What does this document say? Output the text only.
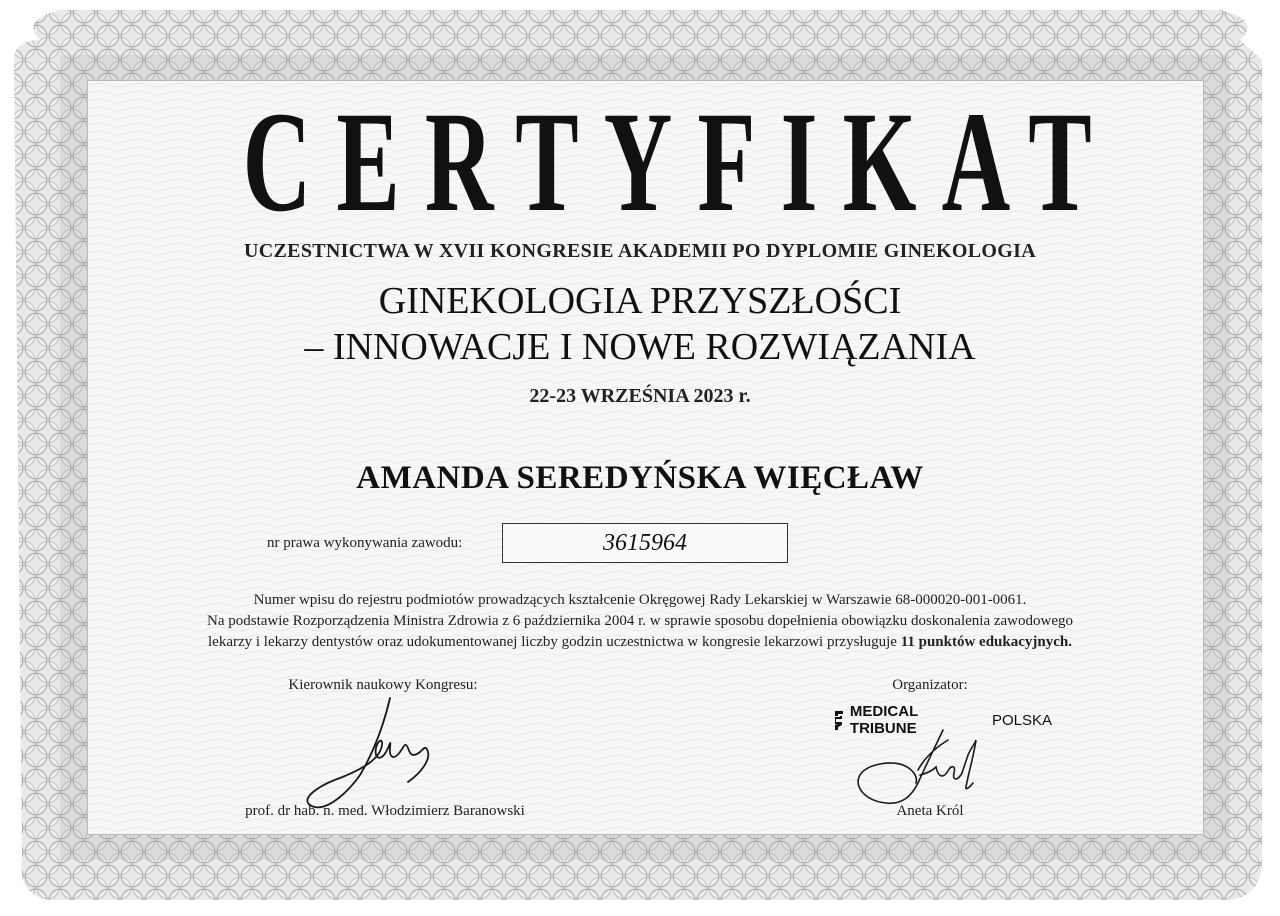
CERTYFIKAT
UCZESTNICTWA W XVII KONGRESIE AKADEMII PO DYPLOMIE GINEKOLOGIA
GINEKOLOGIA PRZYSZŁOŚCI
– INNOWACJE I NOWE ROZWIĄZANIA
22-23 WRZEŚNIA 2023 r.
AMANDA SEREDYŃSKA WIĘCŁAW
nr prawa wykonywania zawodu:	3615964
Numer wpisu do rejestru podmiotów prowadzących kształcenie Okręgowej Rady Lekarskiej w Warszawie 68-000020-001-0061.
Na podstawie Rozporządzenia Ministra Zdrowia z 6 października 2004 r. w sprawie sposobu dopełnienia obowiązku doskonalenia zawodowego
lekarzy i lekarzy dentystów oraz udokumentowanej liczby godzin uczestnictwa w kongresie lekarzowi przysługuje 11 punktów edukacyjnych.
Kierownik naukowy Kongresu:	Organizator:
MEDICAL TRIBUNE	POLSKA
prof. dr hab. n. med. Włodzimierz Baranowski	Aneta Król
